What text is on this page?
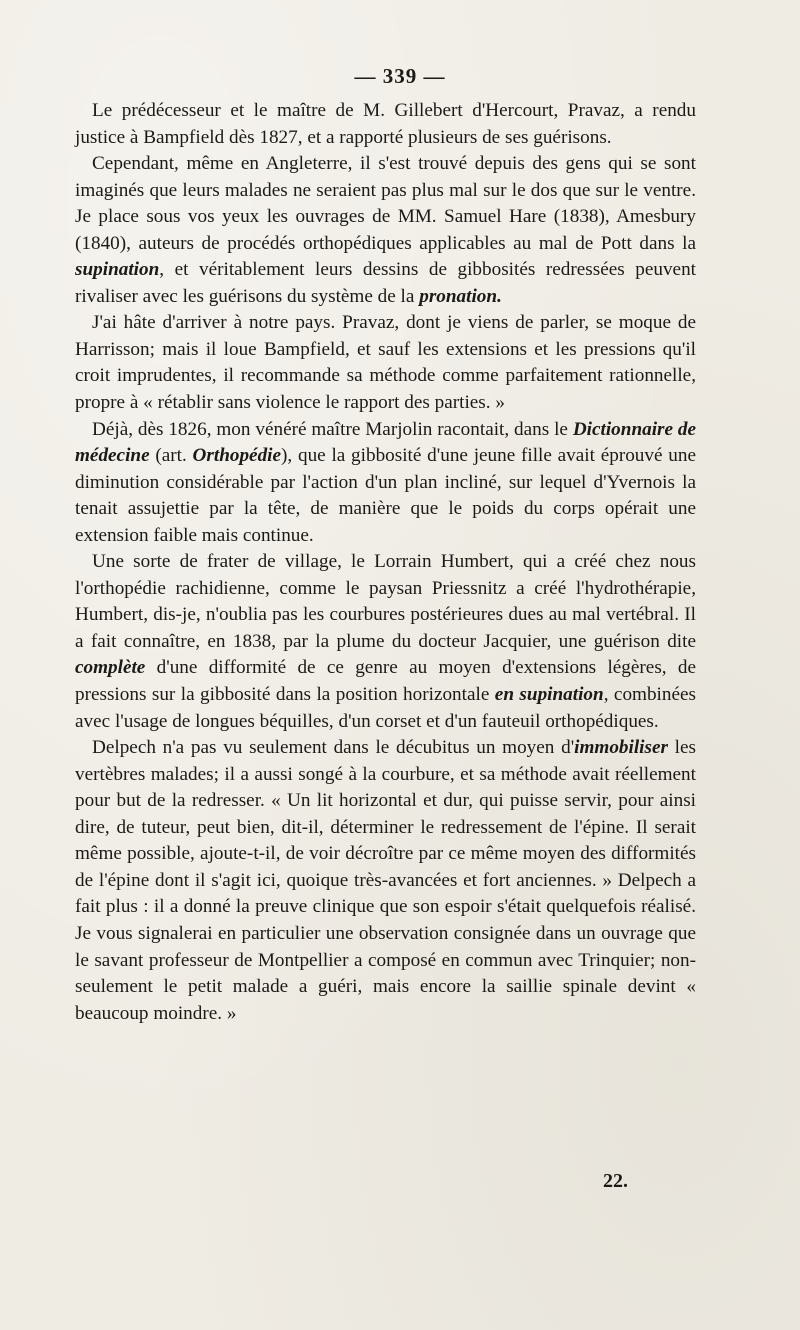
— 339 —

Le prédécesseur et le maître de M. Gillebert d'Hercourt, Pravaz, a rendu justice à Bampfield dès 1827, et a rapporté plusieurs de ses guérisons.

Cependant, même en Angleterre, il s'est trouvé depuis des gens qui se sont imaginés que leurs malades ne seraient pas plus mal sur le dos que sur le ventre. Je place sous vos yeux les ouvrages de MM. Samuel Hare (1838), Amesbury (1840), auteurs de procédés orthopédiques applicables au mal de Pott dans la supination, et véritablement leurs dessins de gibbosités redressées peuvent rivaliser avec les guérisons du système de la pronation.

J'ai hâte d'arriver à notre pays. Pravaz, dont je viens de parler, se moque de Harrisson; mais il loue Bampfield, et sauf les extensions et les pressions qu'il croit imprudentes, il recommande sa méthode comme parfaitement rationnelle, propre à « rétablir sans violence le rapport des parties. »

Déjà, dès 1826, mon vénéré maître Marjolin racontait, dans le Dictionnaire de médecine (art. Orthopédie), que la gibbosité d'une jeune fille avait éprouvé une diminution considérable par l'action d'un plan incliné, sur lequel d'Yvernois la tenait assujettie par la tête, de manière que le poids du corps opérait une extension faible mais continue.

Une sorte de frater de village, le Lorrain Humbert, qui a créé chez nous l'orthopédie rachidienne, comme le paysan Priessnitz a créé l'hydrothérapie, Humbert, dis-je, n'oublia pas les courbures postérieures dues au mal vertébral. Il a fait connaître, en 1838, par la plume du docteur Jacquier, une guérison dite complète d'une difformité de ce genre au moyen d'extensions légères, de pressions sur la gibbosité dans la position horizontale en supination, combinées avec l'usage de longues béquilles, d'un corset et d'un fauteuil orthopédiques.

Delpech n'a pas vu seulement dans le décubitus un moyen d'immobiliser les vertèbres malades; il a aussi songé à la courbure, et sa méthode avait réellement pour but de la redresser. « Un lit horizontal et dur, qui puisse servir, pour ainsi dire, de tuteur, peut bien, dit-il, déterminer le redressement de l'épine. Il serait même possible, ajoute-t-il, de voir décroître par ce même moyen des difformités de l'épine dont il s'agit ici, quoique très-avancées et fort anciennes. » Delpech a fait plus : il a donné la preuve clinique que son espoir s'était quelquefois réalisé. Je vous signalerai en particulier une observation consignée dans un ouvrage que le savant professeur de Montpellier a composé en commun avec Trinquier; non-seulement le petit malade a guéri, mais encore la saillie spinale devint « beaucoup moindre. »

22.
